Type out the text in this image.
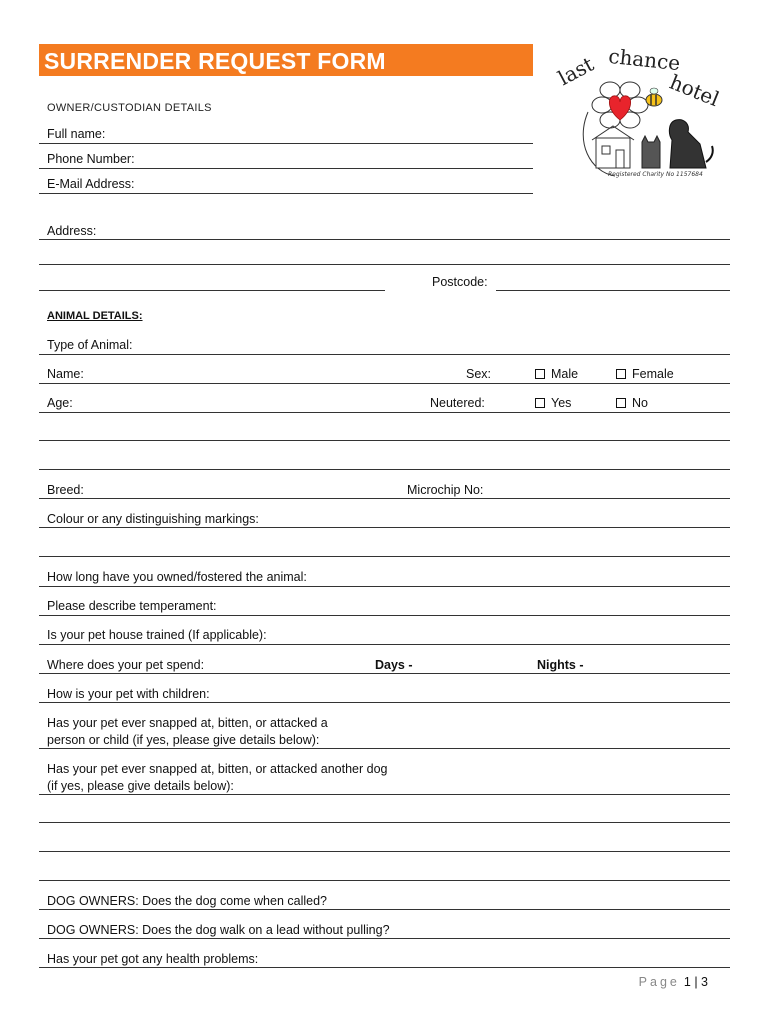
SURRENDER REQUEST FORM	last chance
hotel
Registered Charity No 1157684
OWNER/CUSTODIAN DETAILS
Full name:
Phone Number:
E-Mail Address:
Address:
Postcode:
ANIMAL DETAILS:
Type of Animal:
Name:	Sex:	Male	Female
Age:	Neutered:	Yes	No
Breed:	Microchip No:
Colour or any distinguishing markings:
How long have you owned/fostered the animal:
Please describe temperament:
Is your pet house trained (If applicable):
Where does your pet spend:	Days -	Nights -
How is your pet with children:
Has your pet ever snapped at, bitten, or attacked a
person or child (if yes, please give details below):
Has your pet ever snapped at, bitten, or attacked another dog
(if yes, please give details below):
DOG OWNERS: Does the dog come when called?
DOG OWNERS: Does the dog walk on a lead without pulling?
Has your pet got any health problems:
Page 1 | 3
